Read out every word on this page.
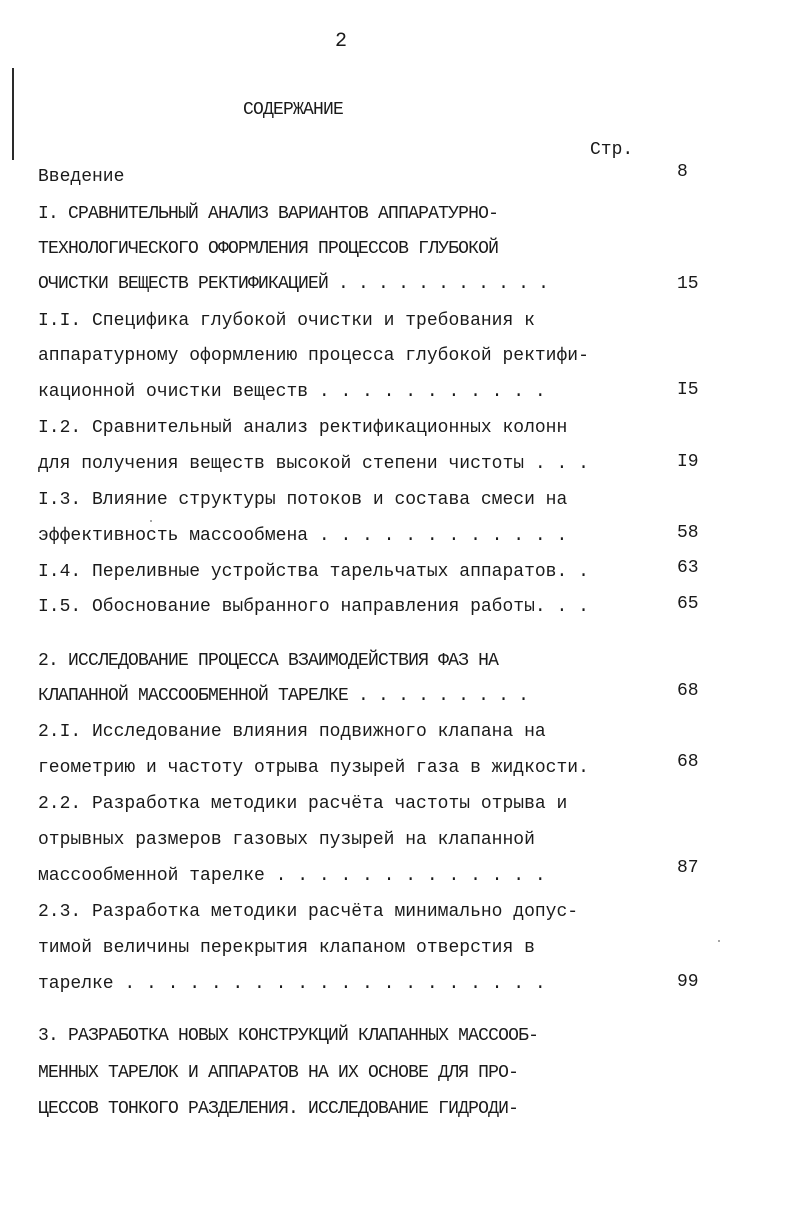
2
СОДЕРЖАНИЕ
Стр.
Введение	8
I. СРАВНИТЕЛЬНЫЙ АНАЛИЗ ВАРИАНТОВ АППАРАТУРНО-
ТЕХНОЛОГИЧЕСКОГО ОФОРМЛЕНИЯ ПРОЦЕССОВ ГЛУБОКОЙ
ОЧИСТКИ ВЕЩЕСТВ РЕКТИФИКАЦИЕЙ . . . . . . . . . . .	15
I.I. Специфика глубокой очистки и требования к
аппаратурному оформлению процесса глубокой ректифи-
кационной очистки веществ . . . . . . . . . . .	I5
I.2. Сравнительный анализ ректификационных колонн
для получения веществ высокой степени чистоты . . .	I9
I.3. Влияние структуры потоков и состава смеси на
эффективность массообмена . . . . . . . . . . . .	58
I.4. Переливные устройства тарельчатых аппаратов. .	63
I.5. Обоснование выбранного направления работы. . .	65
2. ИССЛЕДОВАНИЕ ПРОЦЕССА ВЗАИМОДЕЙСТВИЯ ФАЗ НА
КЛАПАННОЙ МАССООБМЕННОЙ ТАРЕЛКЕ . . . . . . . . .	68
2.I. Исследование влияния подвижного клапана на
геометрию и частоту отрыва пузырей газа в жидкости.	68
2.2. Разработка методики расчёта частоты отрыва и
отрывных размеров газовых пузырей на клапанной
массообменной тарелке . . . . . . . . . . . . .	87
2.3. Разработка методики расчёта минимально допус-
тимой величины перекрытия клапаном отверстия в
тарелке . . . . . . . . . . . . . . . . . . . .	99
3. РАЗРАБОТКА НОВЫХ КОНСТРУКЦИЙ КЛАПАННЫХ МАССООБ-
МЕННЫХ ТАРЕЛОК И АППАРАТОВ НА ИХ ОСНОВЕ ДЛЯ ПРО-
ЦЕССОВ ТОНКОГО РАЗДЕЛЕНИЯ. ИССЛЕДОВАНИЕ ГИДРОДИ-
